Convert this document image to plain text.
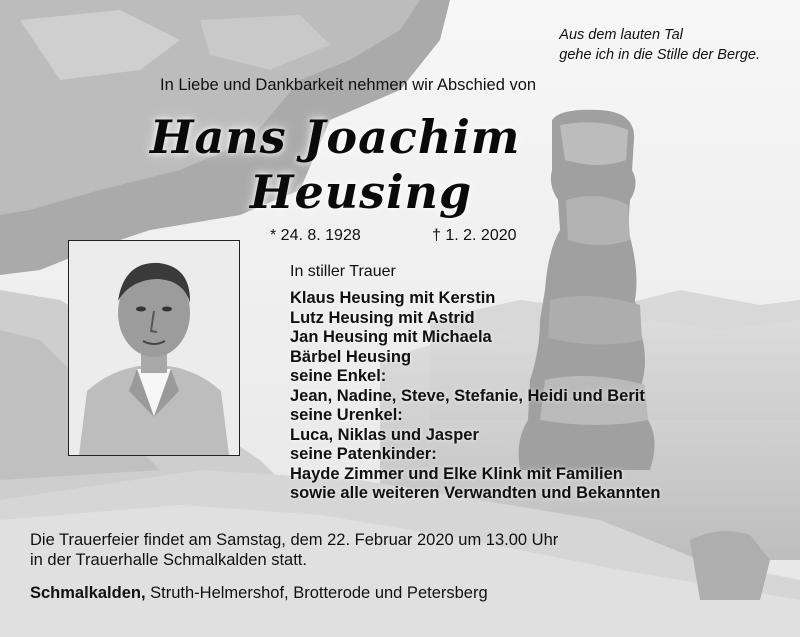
Aus dem lauten Tal
gehe ich in die Stille der Berge.
In Liebe und Dankbarkeit nehmen wir Abschied von
Hans Joachim
Heusing
* 24. 8. 1928	† 1. 2. 2020
In stiller Trauer
Klaus Heusing mit Kerstin
Lutz Heusing mit Astrid
Jan Heusing mit Michaela
Bärbel Heusing
seine Enkel:
Jean, Nadine, Steve, Stefanie, Heidi und Berit
seine Urenkel:
Luca, Niklas und Jasper
seine Patenkinder:
Hayde Zimmer und Elke Klink mit Familien
sowie alle weiteren Verwandten und Bekannten
Die Trauerfeier findet am Samstag, dem 22. Februar 2020 um 13.00 Uhr
in der Trauerhalle Schmalkalden statt.
Schmalkalden, Struth-Helmershof, Brotterode und Petersberg
